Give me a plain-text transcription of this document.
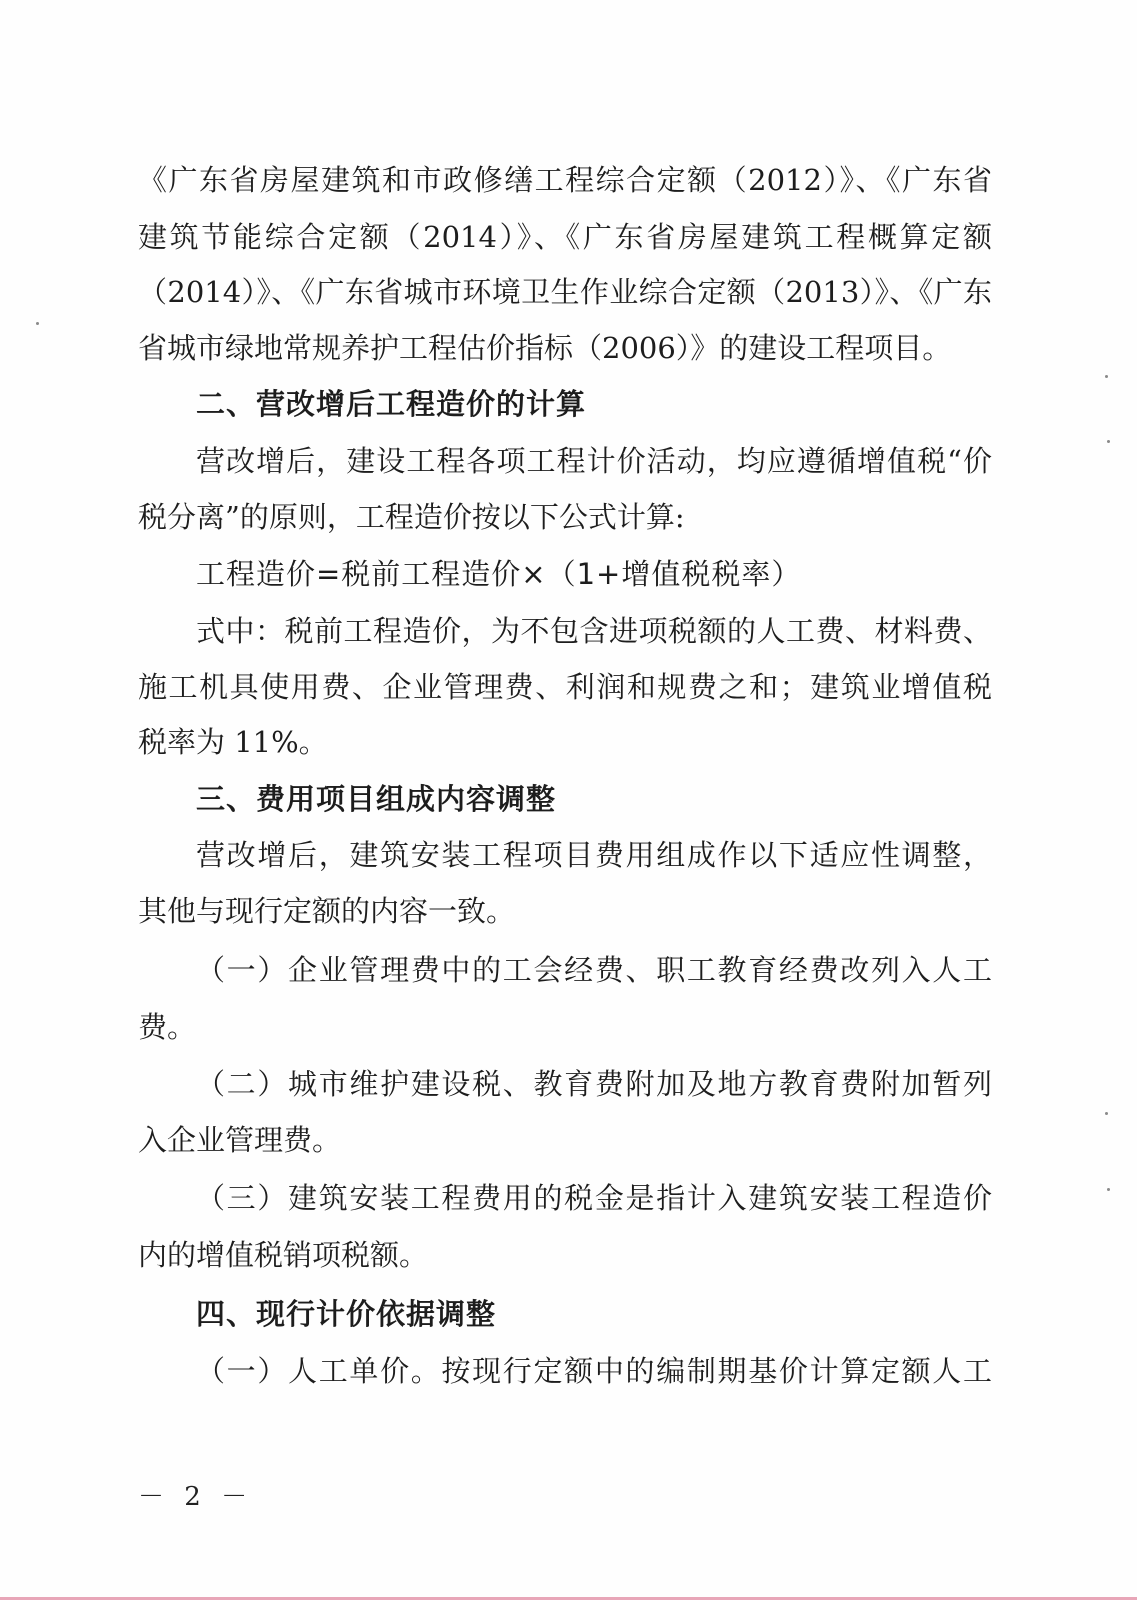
《广东省房屋建筑和市政修缮工程综合定额（2012）》、《广东省
建筑节能综合定额（2014）》、《广东省房屋建筑工程概算定额
（2014）》、《广东省城市环境卫生作业综合定额（2013）》、《广东
省城市绿地常规养护工程估价指标（2006）》的建设工程项目。
二、营改增后工程造价的计算
营改增后，建设工程各项工程计价活动，均应遵循增值税“价
税分离”的原则，工程造价按以下公式计算:
工程造价=税前工程造价×（1+增值税税率）
式中：税前工程造价，为不包含进项税额的人工费、材料费、
施工机具使用费、企业管理费、利润和规费之和；建筑业增值税
税率为 11%。
三、费用项目组成内容调整
营改增后，建筑安装工程项目费用组成作以下适应性调整，
其他与现行定额的内容一致。
（一）企业管理费中的工会经费、职工教育经费改列入人工
费。
（二）城市维护建设税、教育费附加及地方教育费附加暂列
入企业管理费。
（三）建筑安装工程费用的税金是指计入建筑安装工程造价
内的增值税销项税额。
四、现行计价依据调整
（一）人工单价。按现行定额中的编制期基价计算定额人工
－ 2 －
